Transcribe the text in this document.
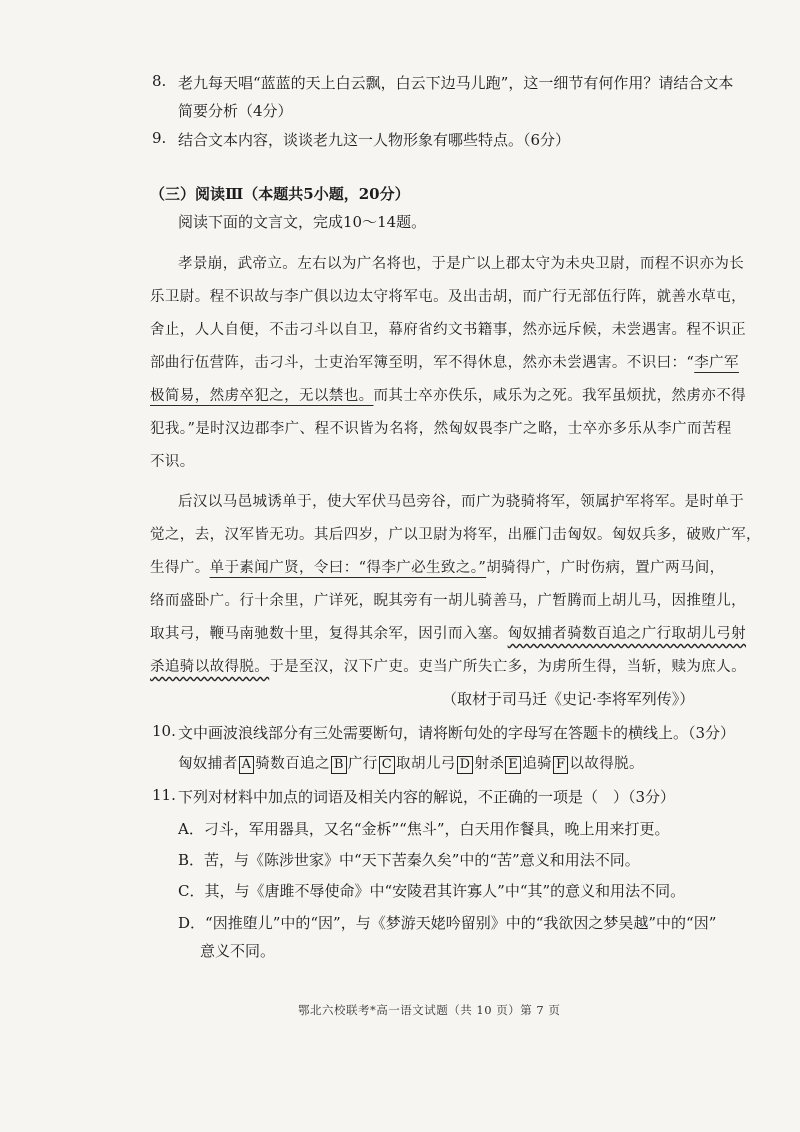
8. 老九每天唱“蓝蓝的天上白云飘，白云下边马儿跑”，这一细节有何作用？请结合文本
简要分析（4分）
9. 结合文本内容，谈谈老九这一人物形象有哪些特点。（6分）
（三）阅读Ⅲ（本题共5小题，20分）
阅读下面的文言文，完成10～14题。
孝景崩，武帝立。左右以为广名将也，于是广以上郡太守为未央卫尉，而程不识亦为长
乐卫尉。程不识故与李广俱以边太守将军屯。及出击胡，而广行无部伍行阵，就善水草屯，
舍止，人人自便，不击刁斗以自卫，幕府省约文书籍事，然亦远斥候，未尝遇害。程不识正
部曲行伍营阵，击刁斗，士吏治军簿至明，军不得休息，然亦未尝遇害。不识曰：“李广军
极简易，然虏卒犯之，无以禁也。而其士卒亦佚乐，咸乐为之死。我军虽烦扰，然虏亦不得
犯我。”是时汉边郡李广、程不识皆为名将，然匈奴畏李广之略，士卒亦多乐从李广而苦程
不识。
后汉以马邑城诱单于，使大军伏马邑旁谷，而广为骁骑将军，领属护军将军。是时单于
觉之，去，汉军皆无功。其后四岁，广以卫尉为将军，出雁门击匈奴。匈奴兵多，破败广军，
生得广。单于素闻广贤，令曰：“得李广必生致之。”胡骑得广，广时伤病，置广两马间，
络而盛卧广。行十余里，广详死，睨其旁有一胡儿骑善马，广暂腾而上胡儿马，因推堕儿，
取其弓，鞭马南驰数十里，复得其余军，因引而入塞。匈奴捕者骑数百追之广行取胡儿弓射
杀追骑以故得脱。于是至汉，汉下广吏。吏当广所失亡多，为虏所生得，当斩，赎为庶人。
（取材于司马迁《史记·李将军列传》）
10. 文中画波浪线部分有三处需要断句，请将断句处的字母写在答题卡的横线上。（3分）
匈奴捕者 A 骑数百追之 B 广行 C 取胡儿弓 D 射杀 E 追骑 F 以故得脱。
11. 下列对材料中加点的词语及相关内容的解说，不正确的一项是（　）（3分）
A．刁斗，军用器具，又名“金柝”“焦斗”，白天用作餐具，晚上用来打更。
B．苦，与《陈涉世家》中“天下苦秦久矣”中的“苦”意义和用法不同。
C．其，与《唐雎不辱使命》中“安陵君其许寡人”中“其”的意义和用法不同。
D．“因推堕儿”中的“因”，与《梦游天姥吟留别》中的“我欲因之梦吴越”中的“因”
意义不同。
鄂北六校联考*高一语文试题（共 10 页）第 7 页
